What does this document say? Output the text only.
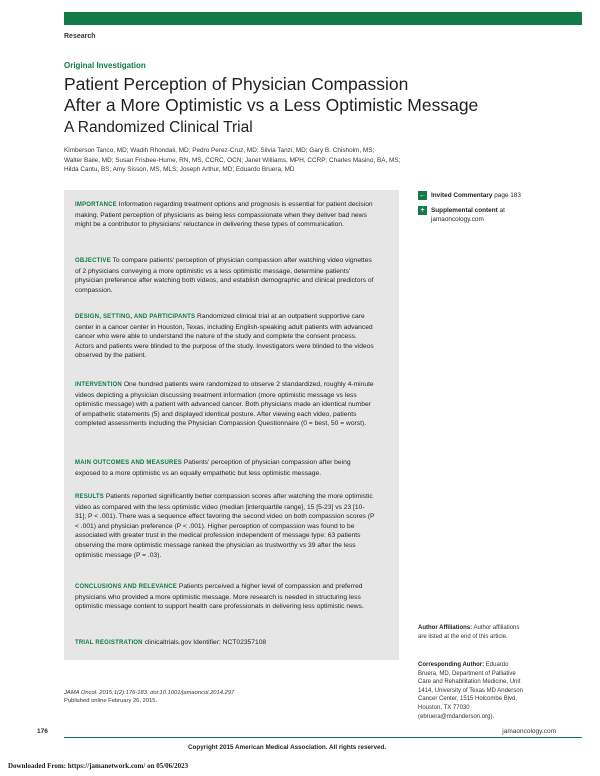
Research
Original Investigation
Patient Perception of Physician Compassion
After a More Optimistic vs a Less Optimistic Message
A Randomized Clinical Trial
Kimberson Tanco, MD; Wadih Rhondali, MD; Pedro Perez-Cruz, MD; Silvia Tanzi, MD; Gary B. Chisholm, MS;
Walter Baile, MD; Susan Frisbee-Hume, RN, MS, CCRC, OCN; Janet Williams, MPH, CCRP; Charles Masino, BA, MS;
Hilda Cantu, BS; Amy Sisson, MS, MLS; Joseph Arthur, MD; Eduardo Bruera, MD
IMPORTANCE Information regarding treatment options and prognosis is essential for patient decision making. Patient perception of physicians as being less compassionate when they deliver bad news might be a contributor to physicians' reluctance in delivering these types of communication.
OBJECTIVE To compare patients' perception of physician compassion after watching video vignettes of 2 physicians conveying a more optimistic vs a less optimistic message, determine patients' physician preference after watching both videos, and establish demographic and clinical predictors of compassion.
DESIGN, SETTING, AND PARTICIPANTS Randomized clinical trial at an outpatient supportive care center in a cancer center in Houston, Texas, including English-speaking adult patients with advanced cancer who were able to understand the nature of the study and complete the consent process. Actors and patients were blinded to the purpose of the study. Investigators were blinded to the videos observed by the patient.
INTERVENTION One hundred patients were randomized to observe 2 standardized, roughly 4-minute videos depicting a physician discussing treatment information (more optimistic message vs less optimistic message) with a patient with advanced cancer. Both physicians made an identical number of empathetic statements (5) and displayed identical posture. After viewing each video, patients completed assessments including the Physician Compassion Questionnaire (0 = best, 50 = worst).
MAIN OUTCOMES AND MEASURES Patients' perception of physician compassion after being exposed to a more optimistic vs an equally empathetic but less optimistic message.
RESULTS Patients reported significantly better compassion scores after watching the more optimistic video as compared with the less optimistic video (median [interquartile range], 15 [5-23] vs 23 [10-31]; P < .001). There was a sequence effect favoring the second video on both compassion scores (P < .001) and physician preference (P < .001). Higher perception of compassion was found to be associated with greater trust in the medical profession independent of message type: 63 patients observing the more optimistic message ranked the physician as trustworthy vs 39 after the less optimistic message (P = .03).
CONCLUSIONS AND RELEVANCE Patients perceived a higher level of compassion and preferred physicians who provided a more optimistic message. More research is needed in structuring less optimistic message content to support health care professionals in delivering less optimistic news.
TRIAL REGISTRATION clinicaltrials.gov Identifier: NCT02357108
← Invited Commentary page 183
+	Supplemental content at
jamaoncology.com
Author Affiliations: Author affiliations are listed at the end of this article.
Corresponding Author: Eduardo Bruera, MD, Department of Palliative Care and Rehabilitation Medicine, Unit 1414, University of Texas MD Anderson Cancer Center, 1515 Holcombe Blvd, Houston, TX 77030 (ebruera@mdanderson.org).
JAMA Oncol. 2015;1(2):176-183. doi:10.1001/jamaoncol.2014.297
Published online February 26, 2015.
176	jamaoncology.com
Copyright 2015 American Medical Association. All rights reserved.
Downloaded From: https://jamanetwork.com/ on 05/06/2023
